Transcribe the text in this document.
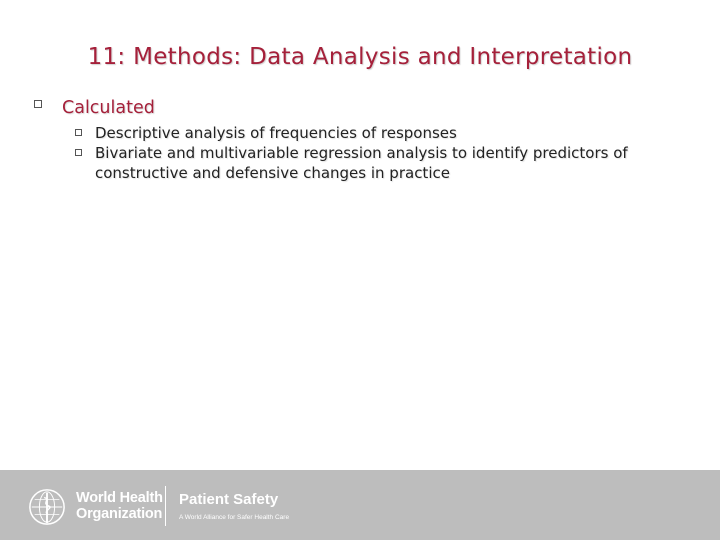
11: Methods: Data Analysis and Interpretation
Calculated
Descriptive analysis of frequencies of responses
Bivariate and multivariable regression analysis to identify predictors of constructive and defensive changes in practice
World Health
Organization
Patient Safety
A World Alliance for Safer Health Care
